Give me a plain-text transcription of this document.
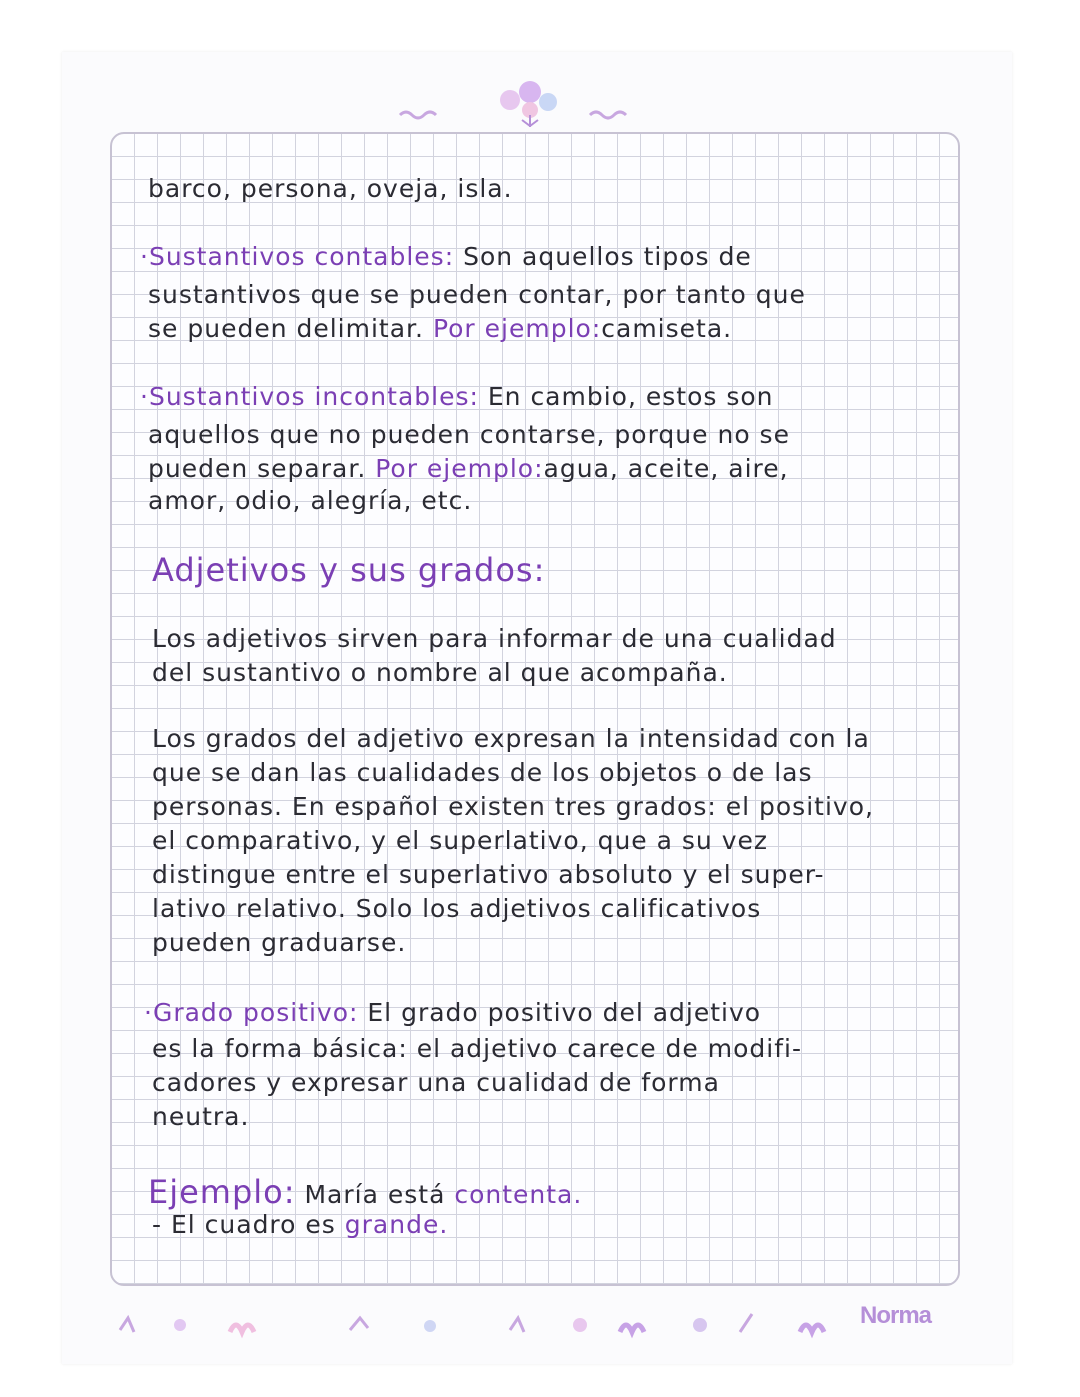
barco, persona, oveja, isla.
·Sustantivos contables: Son aquellos tipos de
sustantivos que se pueden contar, por tanto que
se pueden delimitar. Por ejemplo:camiseta.
·Sustantivos incontables: En cambio, estos son
aquellos que no pueden contarse, porque no se
pueden separar. Por ejemplo:agua, aceite, aire,
amor, odio, alegría, etc.
Adjetivos y sus grados:
Los adjetivos sirven para informar de una cualidad
del sustantivo o nombre al que acompaña.
Los grados del adjetivo expresan la intensidad con la
que se dan las cualidades de los objetos o de las
personas. En español existen tres grados: el positivo,
el comparativo, y el superlativo, que a su vez
distingue entre el superlativo absoluto y el super-
lativo relativo. Solo los adjetivos calificativos
pueden graduarse.
·Grado positivo: El grado positivo del adjetivo
es la forma básica: el adjetivo carece de modifi-
cadores y expresar una cualidad de forma
neutra.
Ejemplo: María está contenta.
- El cuadro es grande.
Norma
